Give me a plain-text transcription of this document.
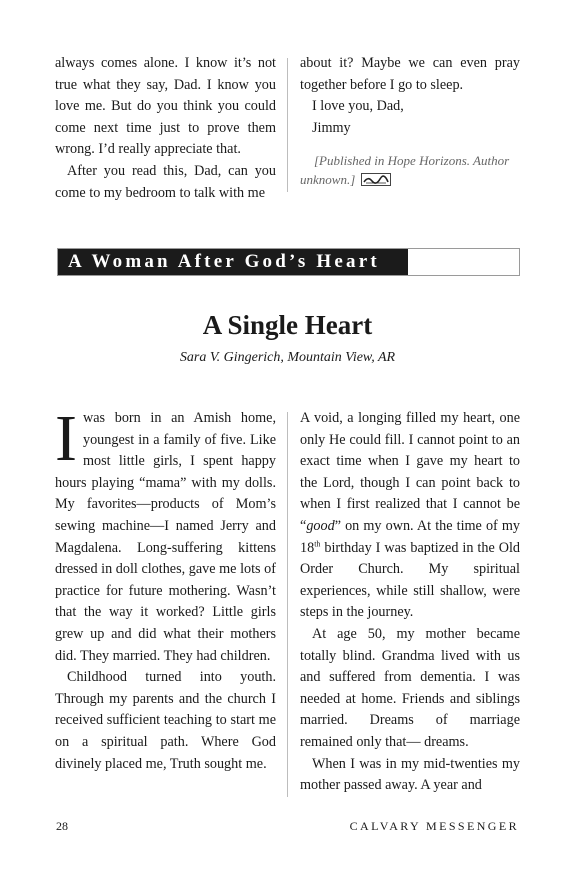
always comes alone. I know it’s not true what they say, Dad. I know you love me. But do you think you could come next time just to prove them wrong. I’d really appreciate that.

After you read this, Dad, can you come to my bedroom to talk with me

about it? Maybe we can even pray together before I go to sleep.

I love you, Dad,

Jimmy

[Published in Hope Horizons. Author unknown.]

A Woman After God’s Heart
A Single Heart
Sara V. Gingerich, Mountain View, AR

Iwas born in an Amish home, youngest in a family of five. Like most little girls, I spent happy hours playing “mama” with my dolls. My favorites—products of Mom’s sewing machine—I named Jerry and Magdalena. Long-suffering kittens dressed in doll clothes, gave me lots of practice for future mothering. Wasn’t that the way it worked? Little girls grew up and did what their mothers did. They married. They had children.

Childhood turned into youth. Through my parents and the church I received sufficient teaching to start me on a spiritual path. Where God divinely placed me, Truth sought me.

A void, a longing filled my heart, one only He could fill. I cannot point to an exact time when I gave my heart to the Lord, though I can point back to when I first realized that I cannot be “good” on my own. At the time of my 18th birthday I was baptized in the Old Order Church. My spiritual experiences, while still shallow, were steps in the journey.

At age 50, my mother became totally blind. Grandma lived with us and suffered from dementia. I was needed at home. Friends and siblings married. Dreams of marriage remained only that— dreams.

When I was in my mid-twenties my mother passed away. A year and

28	CALVARY MESSENGER
